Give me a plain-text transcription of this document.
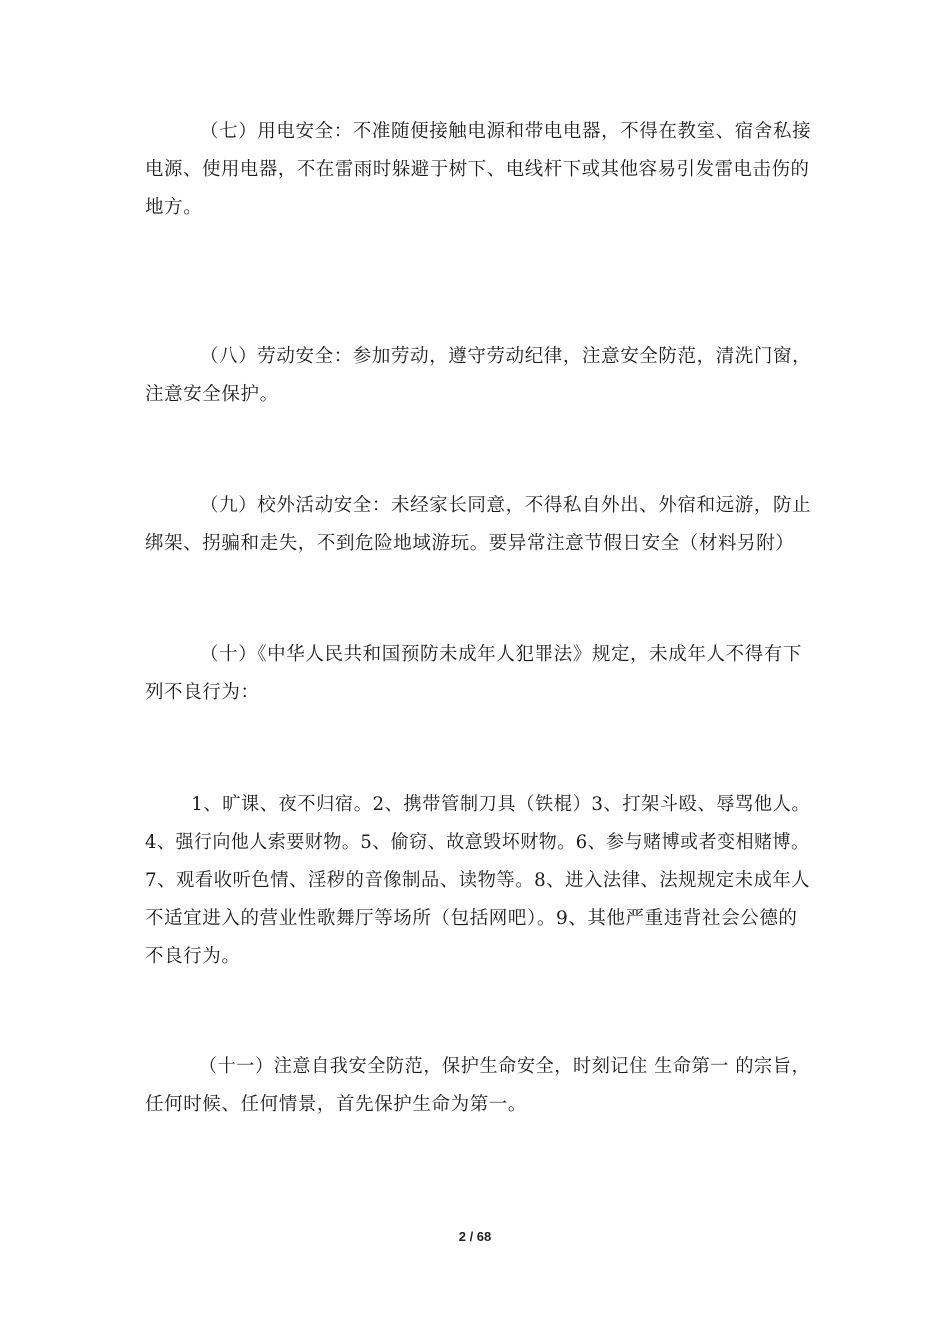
（七）用电安全：不准随便接触电源和带电电器，不得在教室、宿舍私接
电源、使用电器，不在雷雨时躲避于树下、电线杆下或其他容易引发雷电击伤的
地方。
（八）劳动安全：参加劳动，遵守劳动纪律，注意安全防范，清洗门窗，
注意安全保护。
（九）校外活动安全：未经家长同意，不得私自外出、外宿和远游，防止
绑架、拐骗和走失，不到危险地域游玩。要异常注意节假日安全（材料另附）
（十）《中华人民共和国预防未成年人犯罪法》规定，未成年人不得有下
列不良行为：
1、旷课、夜不归宿。2、携带管制刀具（铁棍）3、打架斗殴、辱骂他人。
4、强行向他人索要财物。5、偷窃、故意毁坏财物。6、参与赌博或者变相赌博。
7、观看收听色情、淫秽的音像制品、读物等。8、进入法律、法规规定未成年人
不适宜进入的营业性歌舞厅等场所（包括网吧）。9、其他严重违背社会公德的
不良行为。
（十一）注意自我安全防范，保护生命安全，时刻记住 生命第一 的宗旨，
任何时候、任何情景，首先保护生命为第一。
2 / 68
